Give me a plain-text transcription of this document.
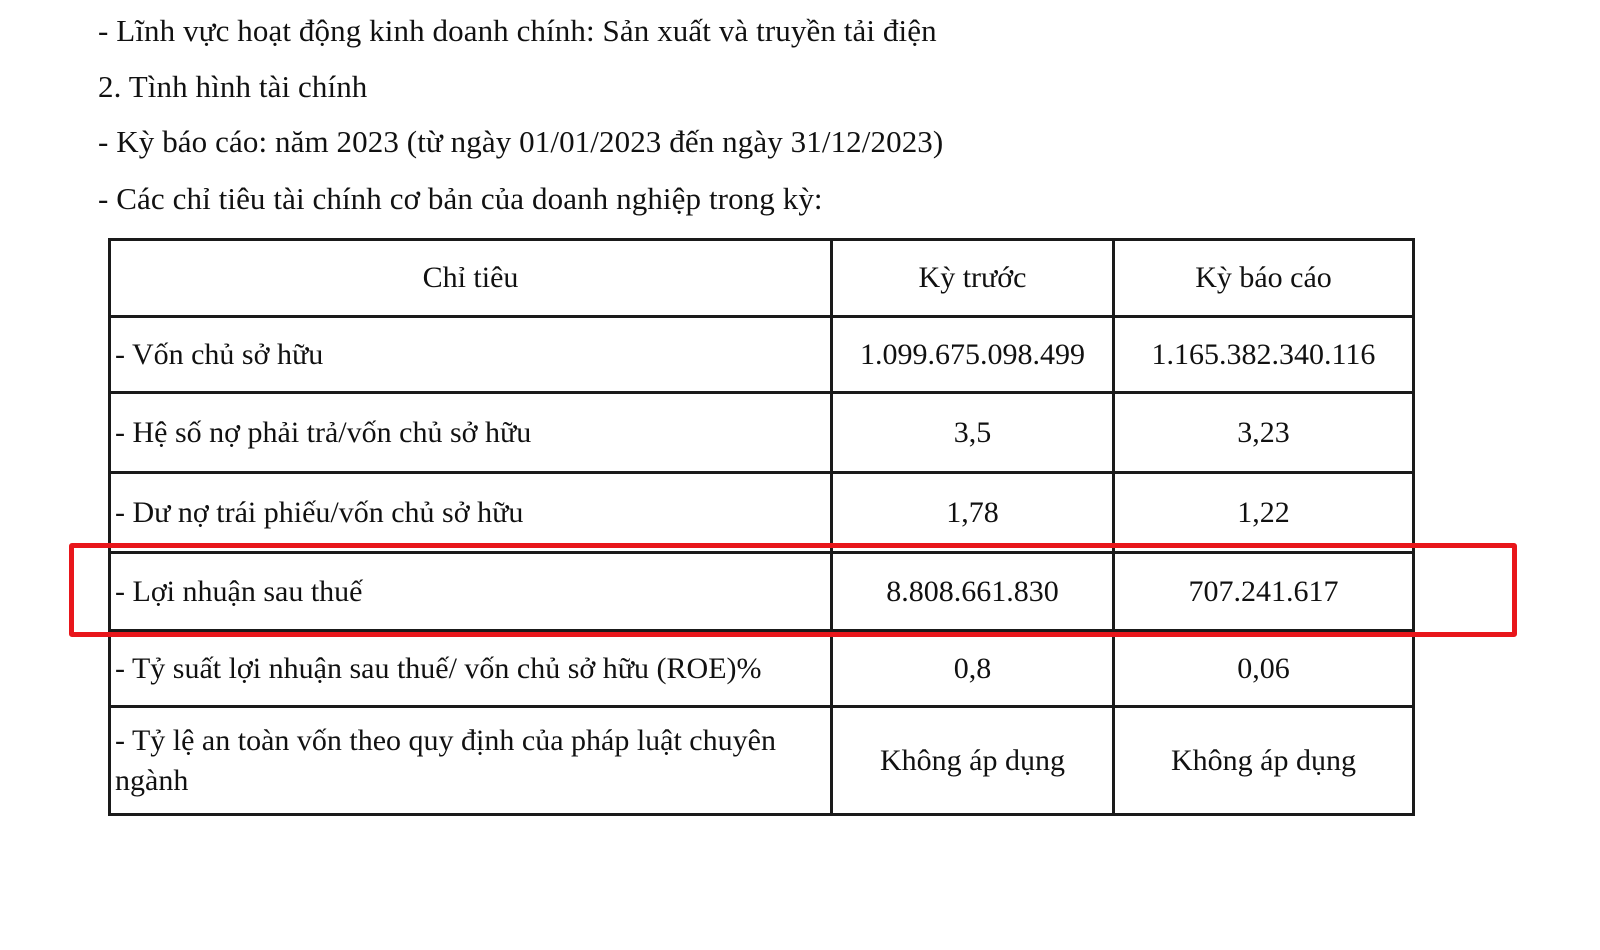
- Lĩnh vực hoạt động kinh doanh chính: Sản xuất và truyền tải điện
2. Tình hình tài chính
- Kỳ báo cáo: năm 2023 (từ ngày 01/01/2023 đến ngày 31/12/2023)
- Các chỉ tiêu tài chính cơ bản của doanh nghiệp trong kỳ:
Chỉ tiêu	Kỳ trước	Kỳ báo cáo
- Vốn chủ sở hữu	1.099.675.098.499	1.165.382.340.116
- Hệ số nợ phải trả/vốn chủ sở hữu	3,5	3,23
- Dư nợ trái phiếu/vốn chủ sở hữu	1,78	1,22
- Lợi nhuận sau thuế	8.808.661.830	707.241.617
- Tỷ suất lợi nhuận sau thuế/ vốn chủ sở hữu (ROE)%	0,8	0,06
- Tỷ lệ an toàn vốn theo quy định của pháp luật chuyên ngành	Không áp dụng	Không áp dụng
